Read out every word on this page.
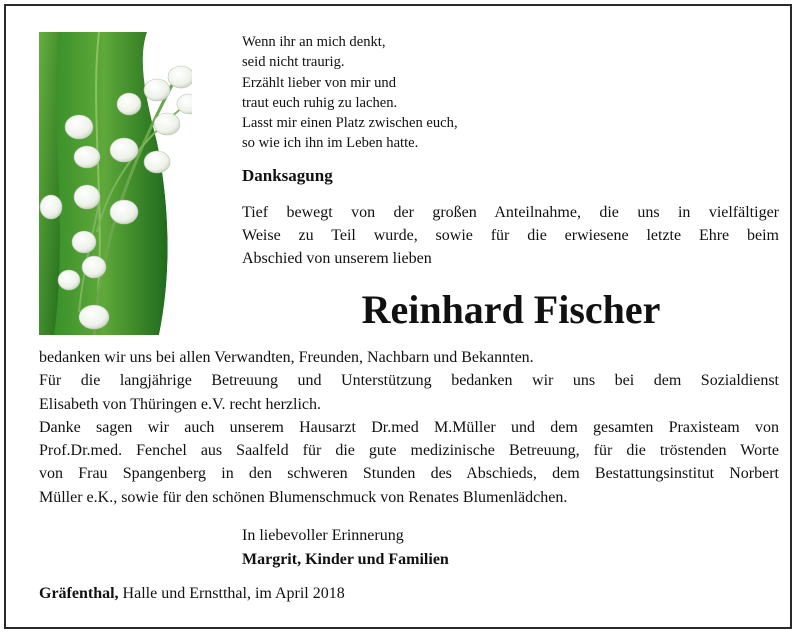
Wenn ihr an mich denkt,
seid nicht traurig.
Erzählt lieber von mir und
traut euch ruhig zu lachen.
Lasst mir einen Platz zwischen euch,
so wie ich ihn im Leben hatte.
Danksagung
Tief bewegt von der großen Anteilnahme, die uns in vielfältiger
Weise zu Teil wurde, sowie für die erwiesene letzte Ehre beim
Abschied von unserem lieben
Reinhard Fischer
bedanken wir uns bei allen Verwandten, Freunden, Nachbarn und Bekannten.
Für die langjährige Betreuung und Unterstützung bedanken wir uns bei dem Sozialdienst
Elisabeth von Thüringen e.V. recht herzlich.
Danke sagen wir auch unserem Hausarzt Dr.med M.Müller und dem gesamten Praxisteam von
Prof.Dr.med. Fenchel aus Saalfeld für die gute medizinische Betreuung, für die tröstenden Worte
von Frau Spangenberg in den schweren Stunden des Abschieds, dem Bestattungsinstitut Norbert
Müller e.K., sowie für den schönen Blumenschmuck von Renates Blumenlädchen.
In liebevoller Erinnerung
Margrit, Kinder und Familien
Gräfenthal, Halle und Ernstthal, im April 2018
